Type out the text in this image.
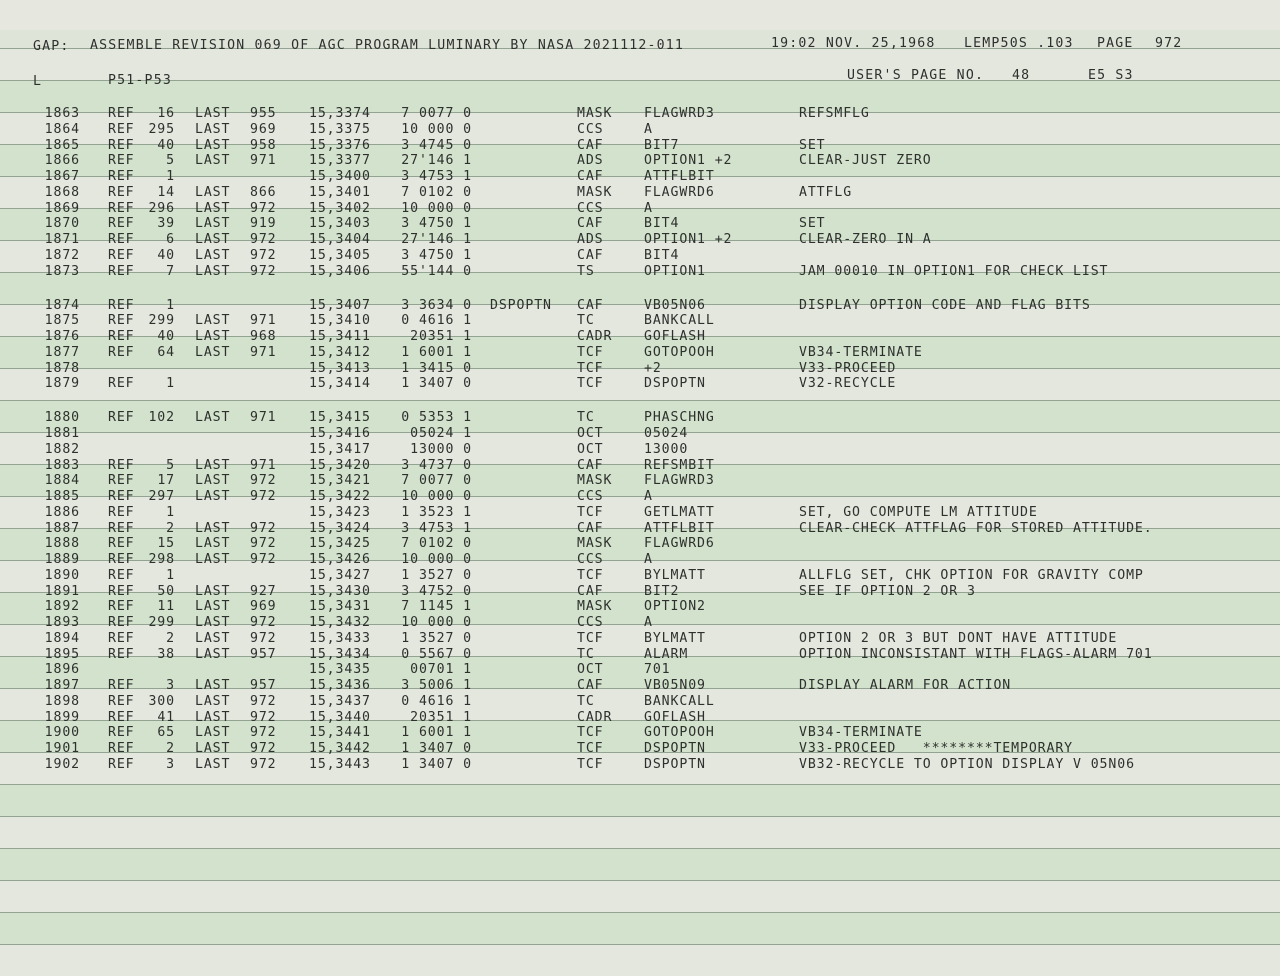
GAP: ASSEMBLE REVISION 069 OF AGC PROGRAM LUMINARY BY NASA 2021112-011	19:02 NOV. 25,1968 LEMP50S .103 PAGE 972
L	P51-P53	USER'S PAGE NO. 48	E5 S3
1863 REF 16 LAST 955 15,3374 7 0077 0	MASK FLAGWRD3	REFSMFLG
1864 REF 295 LAST 969 15,3375 10 000 0	CCS	A
1865 REF 40 LAST 958 15,3376 3 4745 0	CAF	BIT7	SET
1866 REF 5 LAST 971 15,3377 27'146 1	ADS	OPTION1 +2	CLEAR-JUST ZERO
1867 REF 1	15,3400 3 4753 1	CAF	ATTFLBIT
1868 REF 14 LAST 866 15,3401 7 0102 0	MASK FLAGWRD6	ATTFLG
1869 REF 296 LAST 972 15,3402 10 000 0	CCS	A
1870 REF 39 LAST 919 15,3403 3 4750 1	CAF	BIT4	SET
1871 REF 6 LAST 972 15,3404 27'146 1	ADS	OPTION1 +2	CLEAR-ZERO IN A
1872 REF 40 LAST 972 15,3405 3 4750 1	CAF	BIT4
1873 REF 7 LAST 972 15,3406 55'144 0	TS	OPTION1	JAM 00010 IN OPTION1 FOR CHECK LIST
1874 REF 1	15,3407 3 3634 0 DSPOPTN CAF	VB05N06	DISPLAY OPTION CODE AND FLAG BITS
1875 REF 299 LAST 971 15,3410 0 4616 1	TC	BANKCALL
1876 REF 40 LAST 968 15,3411	20351 1	CADR GOFLASH
1877 REF 64 LAST 971 15,3412 1 6001 1	TCF	GOTOPOOH	VB34-TERMINATE
1878	15,3413 1 3415 0	TCF	+2	V33-PROCEED
1879 REF 1	15,3414 1 3407 0	TCF	DSPOPTN	V32-RECYCLE
1880 REF 102 LAST 971 15,3415 0 5353 1	TC	PHASCHNG
1881	15,3416	05024 1	OCT	05024
1882	15,3417	13000 0	OCT	13000
1883 REF 5 LAST 971 15,3420 3 4737 0	CAF	REFSMBIT
1884 REF 17 LAST 972 15,3421 7 0077 0	MASK FLAGWRD3
1885 REF 297 LAST 972 15,3422 10 000 0	CCS	A
1886 REF 1	15,3423 1 3523 1	TCF	GETLMATT	SET, GO COMPUTE LM ATTITUDE
1887 REF 2 LAST 972 15,3424 3 4753 1	CAF	ATTFLBIT	CLEAR-CHECK ATTFLAG FOR STORED ATTITUDE.
1888 REF 15 LAST 972 15,3425 7 0102 0	MASK FLAGWRD6
1889 REF 298 LAST 972 15,3426 10 000 0	CCS	A
1890 REF 1	15,3427 1 3527 0	TCF	BYLMATT	ALLFLG SET, CHK OPTION FOR GRAVITY COMP
1891 REF 50 LAST 927 15,3430 3 4752 0	CAF	BIT2	SEE IF OPTION 2 OR 3
1892 REF 11 LAST 969 15,3431 7 1145 1	MASK OPTION2
1893 REF 299 LAST 972 15,3432 10 000 0	CCS	A
1894 REF 2 LAST 972 15,3433 1 3527 0	TCF	BYLMATT	OPTION 2 OR 3 BUT DONT HAVE ATTITUDE
1895 REF 38 LAST 957 15,3434 0 5567 0	TC	ALARM	OPTION INCONSISTANT WITH FLAGS-ALARM 701
1896	15,3435	00701 1	OCT	701
1897 REF 3 LAST 957 15,3436 3 5006 1	CAF	VB05N09	DISPLAY ALARM FOR ACTION
1898 REF 300 LAST 972 15,3437 0 4616 1	TC	BANKCALL
1899 REF 41 LAST 972 15,3440	20351 1	CADR GOFLASH
1900 REF 65 LAST 972 15,3441 1 6001 1	TCF	GOTOPOOH	VB34-TERMINATE
1901 REF 2 LAST 972 15,3442 1 3407 0	TCF	DSPOPTN	V33-PROCEED   ********TEMPORARY
1902 REF 3 LAST 972 15,3443 1 3407 0	TCF	DSPOPTN	VB32-RECYCLE TO OPTION DISPLAY V 05N06
